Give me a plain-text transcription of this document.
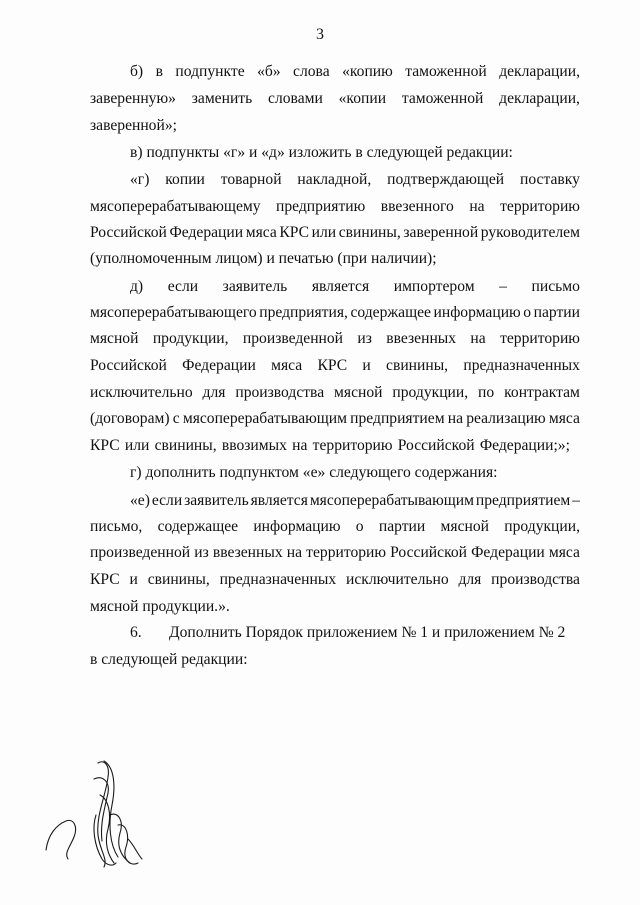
3
б) в подпункте «б» слова «копию таможенной декларации,
заверенную» заменить словами «копии таможенной декларации,
заверенной»;
в) подпункты «г» и «д» изложить в следующей редакции:
«г) копии товарной накладной, подтверждающей поставку
мясоперерабатывающему предприятию ввезенного на территорию
Российской Федерации мяса КРС или свинины, заверенной руководителем
(уполномоченным лицом) и печатью (при наличии);
д) если заявитель является импортером – письмо
мясоперерабатывающего предприятия, содержащее информацию о партии
мясной продукции, произведенной из ввезенных на территорию
Российской Федерации мяса КРС и свинины, предназначенных
исключительно для производства мясной продукции, по контрактам
(договорам) с мясоперерабатывающим предприятием на реализацию мяса
КРС или свинины, ввозимых на территорию Российской Федерации;»;
г) дополнить подпунктом «е» следующего содержания:
«е) если заявитель является мясоперерабатывающим предприятием –
письмо, содержащее информацию о партии мясной продукции,
произведенной из ввезенных на территорию Российской Федерации мяса
КРС и свинины, предназначенных исключительно для производства
мясной продукции.».
6.	Дополнить Порядок приложением № 1 и приложением № 2
в следующей редакции:
